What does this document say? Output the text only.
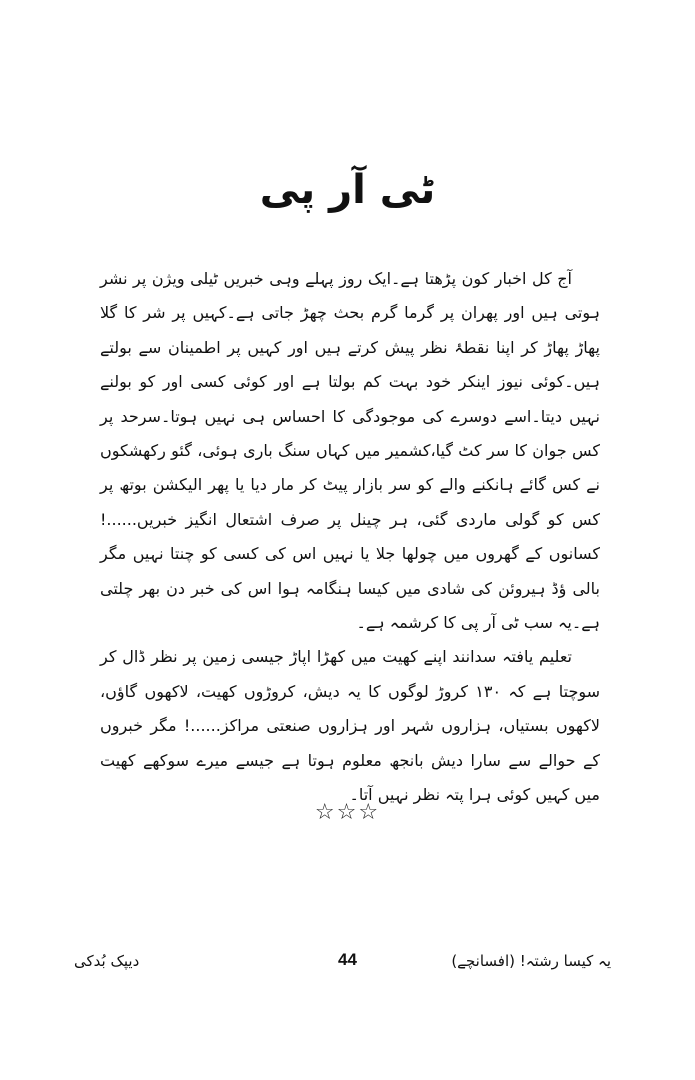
ٹی آر پی

آج کل اخبار کون پڑھتا ہے۔ایک روز پہلے وہی خبریں ٹیلی ویژن پر نشر ہوتی ہیں اور پھران پر گرما گرم بحث چھڑ جاتی ہے۔کہیں پر شر کا گلا پھاڑ پھاڑ کر اپنا نقطۂ نظر پیش کرتے ہیں اور کہیں پر اطمینان سے بولتے ہیں۔کوئی نیوز اینکر خود بہت کم بولتا ہے اور کوئی کسی اور کو بولنے نہیں دیتا۔اسے دوسرے کی موجودگی کا احساس ہی نہیں ہوتا۔سرحد پر کس جوان کا سر کٹ گیا،کشمیر میں کہاں سنگ باری ہوئی، گئو رکھشکوں نے کس گائے ہانکنے والے کو سر بازار پیٹ کر مار دیا یا پھر الیکشن بوتھ پر کس کو گولی ماردی گئی، ہر چینل پر صرف اشتعال انگیز خبریں......! کسانوں کے گھروں میں چولھا جلا یا نہیں اس کی کسی کو چنتا نہیں مگر بالی ؤڈ ہیروئن کی شادی میں کیسا ہنگامہ ہوا اس کی خبر دن بھر چلتی ہے۔یہ سب ٹی آر پی کا کرشمہ ہے۔

تعلیم یافتہ سدانند اپنے کھیت میں کھڑا اپاڑ جیسی زمین پر نظر ڈال کر سوچتا ہے کہ ۱۳۰ کروڑ لوگوں کا یہ دیش، کروڑوں کھیت، لاکھوں گاؤں، لاکھوں بستیاں، ہزاروں شہر اور ہزاروں صنعتی مراکز......! مگر خبروں کے حوالے سے سارا دیش بانجھ معلوم ہوتا ہے جیسے میرے سوکھے کھیت میں کہیں کوئی ہرا پتہ نظر نہیں آتا۔

☆☆☆
دیپک بُدکی	44	یہ کیسا رشتہ! (افسانچے)
